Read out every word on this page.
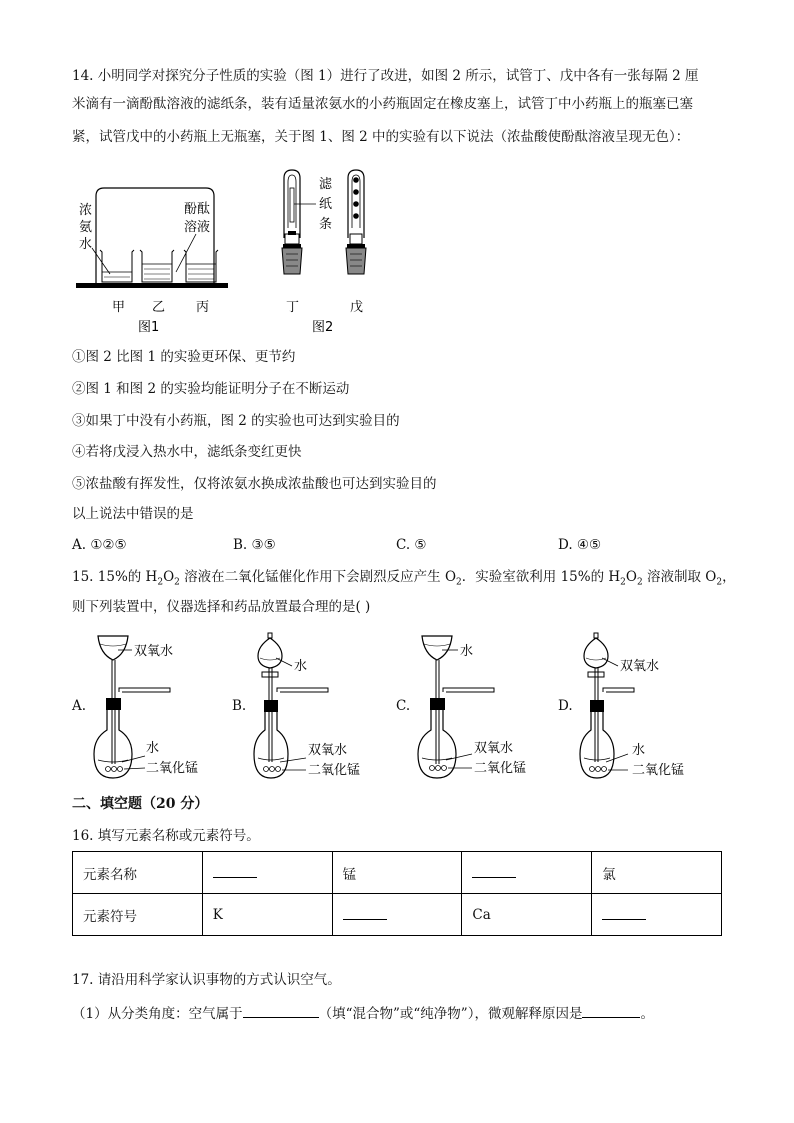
14. 小明同学对探究分子性质的实验（图 1）进行了改进，如图 2 所示，试管丁、戊中各有一张每隔 2 厘
米滴有一滴酚酞溶液的滤纸条，装有适量浓氨水的小药瓶固定在橡皮塞上，试管丁中小药瓶上的瓶塞已塞
紧，试管戊中的小药瓶上无瓶塞，关于图 1、图 2 中的实验有以下说法（浓盐酸使酚酞溶液呈现无色）：
浓
氨
水
酚酞
溶液
甲 乙 丙
图1
滤
纸
条
丁	戊
图2
①图 2 比图 1 的实验更环保、更节约
②图 1 和图 2 的实验均能证明分子在不断运动
③如果丁中没有小药瓶，图 2 的实验也可达到实验目的
④若将戊浸入热水中，滤纸条变红更快
⑤浓盐酸有挥发性，仅将浓氨水换成浓盐酸也可达到实验目的
以上说法中错误的是
A. ①②⑤	B. ③⑤	C. ⑤	D. ④⑤
15. 15%的 $H_2O_2$ 溶液在二氧化锰催化作用下会剧烈反应产生 $O_2$．实验室欲利用 15%的 $H_2O_2$ 溶液制取 $O_2$，
则下列装置中，仪器选择和药品放置最合理的是( )
A.
双氧水
水
二氧化锰
B.
水
双氧水
二氧化锰
C.
水
双氧水
二氧化锰
D.
双氧水
水
二氧化锰
二、填空题（20 分）
16. 填写元素名称或元素符号。
元素名称		锰		氯
元素符号	K		Ca	
17. 请沿用科学家认识事物的方式认识空气。
（1）从分类角度：空气属于	（填“混合物”或“纯净物”），微观解释原因是	。
